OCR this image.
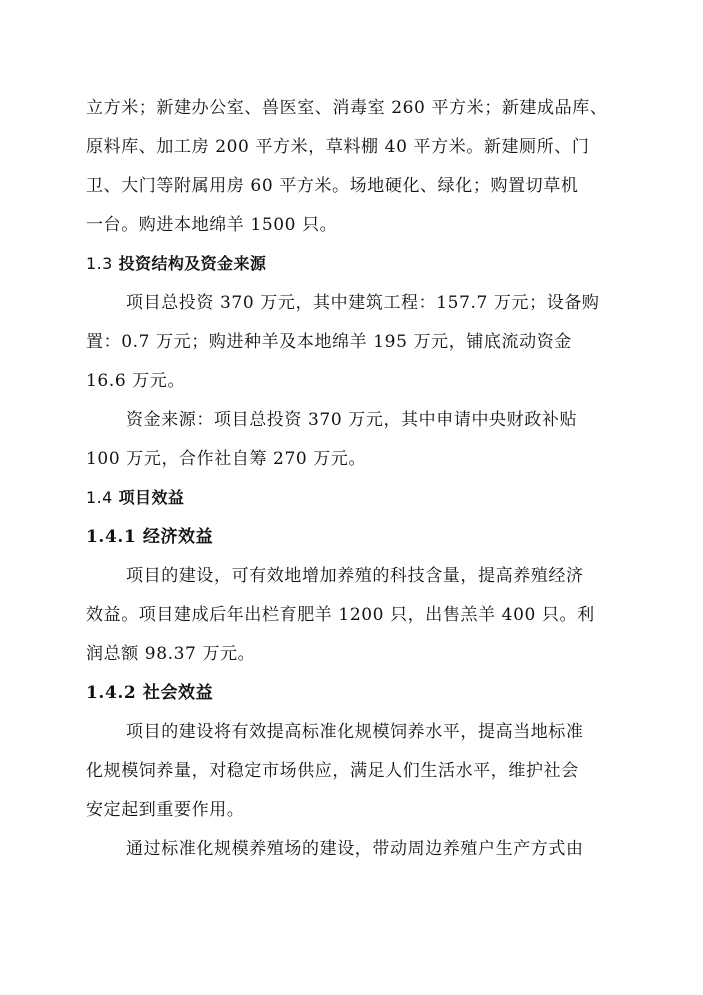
立方米；新建办公室、兽医室、消毒室 260 平方米；新建成品库、
原料库、加工房 200 平方米，草料棚 40 平方米。新建厕所、门
卫、大门等附属用房 60 平方米。场地硬化、绿化；购置切草机
一台。购进本地绵羊 1500 只。
1.3 投资结构及资金来源
项目总投资 370 万元，其中建筑工程：157.7 万元；设备购
置：0.7 万元；购进种羊及本地绵羊 195 万元，铺底流动资金
16.6 万元。
资金来源：项目总投资 370 万元，其中申请中央财政补贴
100 万元，合作社自筹 270 万元。
1.4 项目效益
1.4.1 经济效益
项目的建设，可有效地增加养殖的科技含量，提高养殖经济
效益。项目建成后年出栏育肥羊 1200 只，出售羔羊 400 只。利
润总额 98.37 万元。
1.4.2 社会效益
项目的建设将有效提高标准化规模饲养水平，提高当地标准
化规模饲养量，对稳定市场供应，满足人们生活水平，维护社会
安定起到重要作用。
通过标准化规模养殖场的建设，带动周边养殖户生产方式由
